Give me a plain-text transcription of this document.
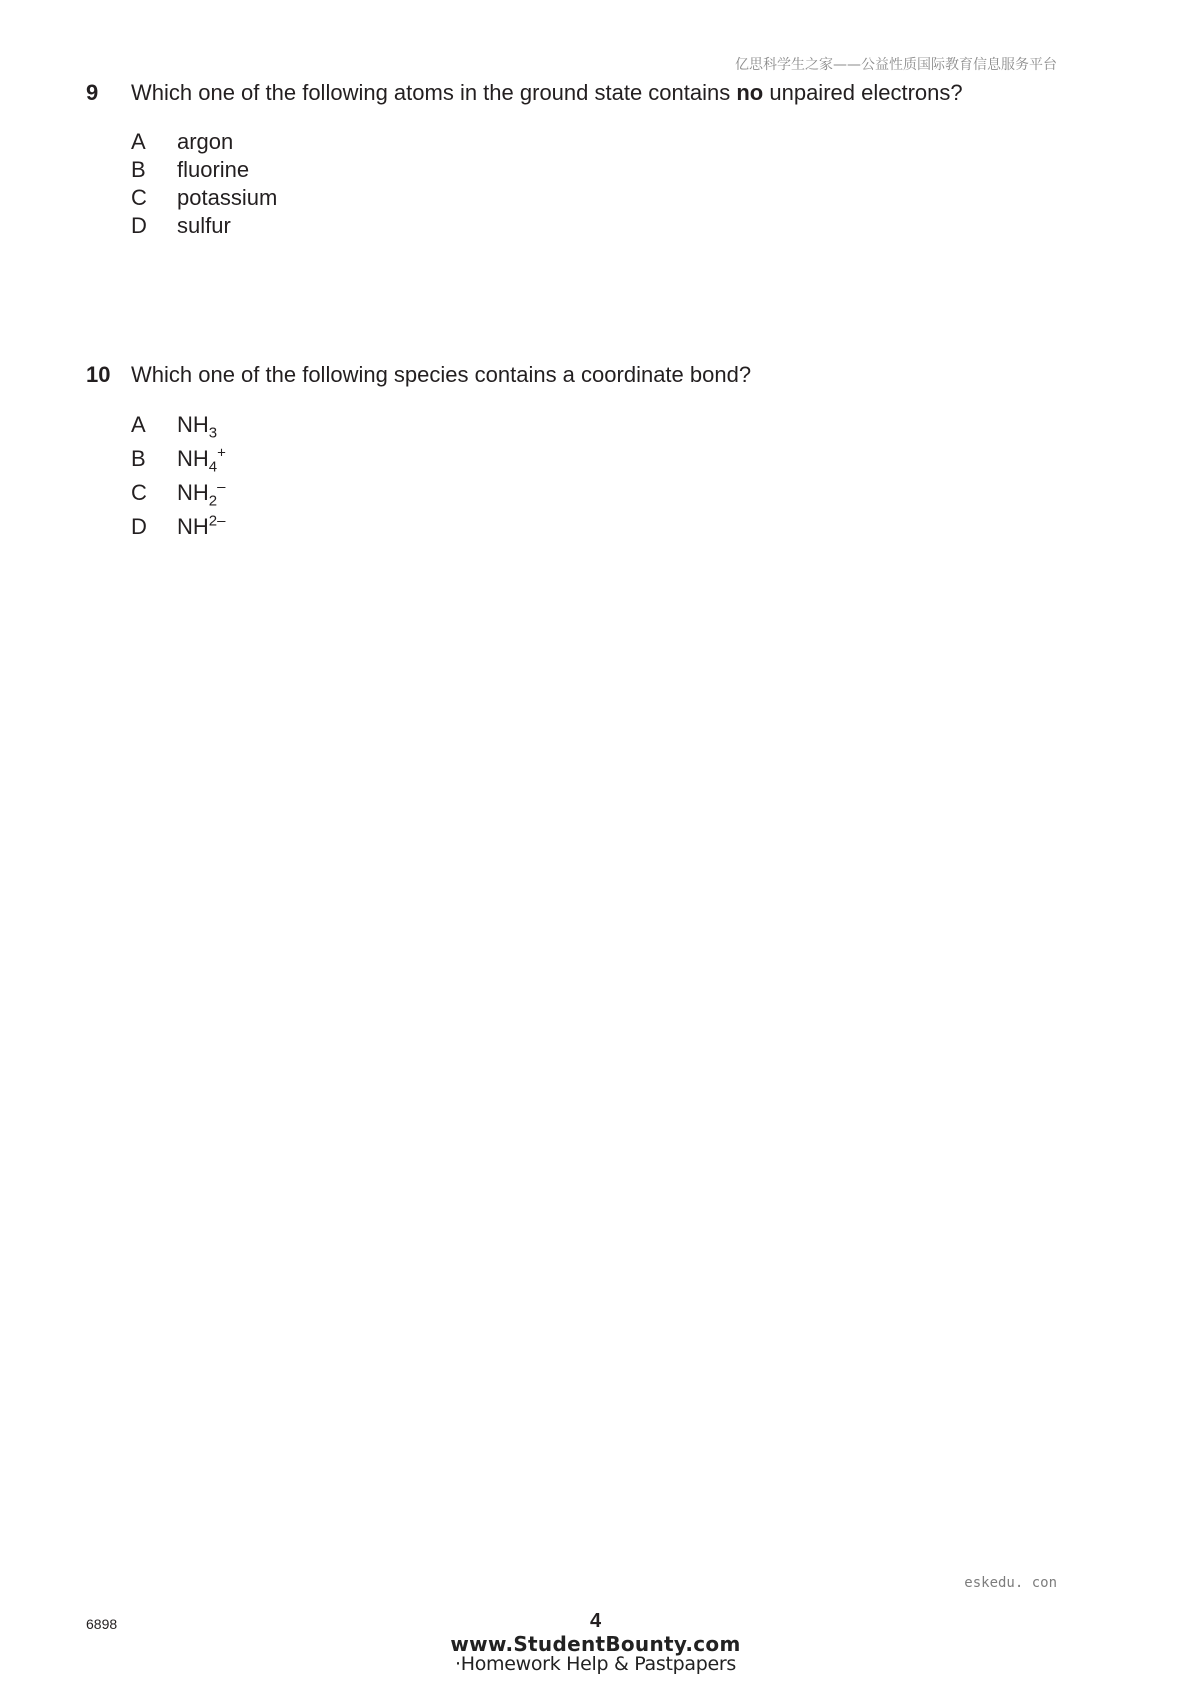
亿思科学生之家——公益性质国际教育信息服务平台
9	Which one of the following atoms in the ground state contains no unpaired electrons?
A	argon
B	fluorine
C	potassium
D	sulfur
10 Which one of the following species contains a coordinate bond?
A	$NH_3$
B	$NH_4^+$
C	$NH_2^-$
D	$NH^{2-}$
eskedu. con
6898	4
www.StudentBounty.com
·Homework Help & Pastpapers
